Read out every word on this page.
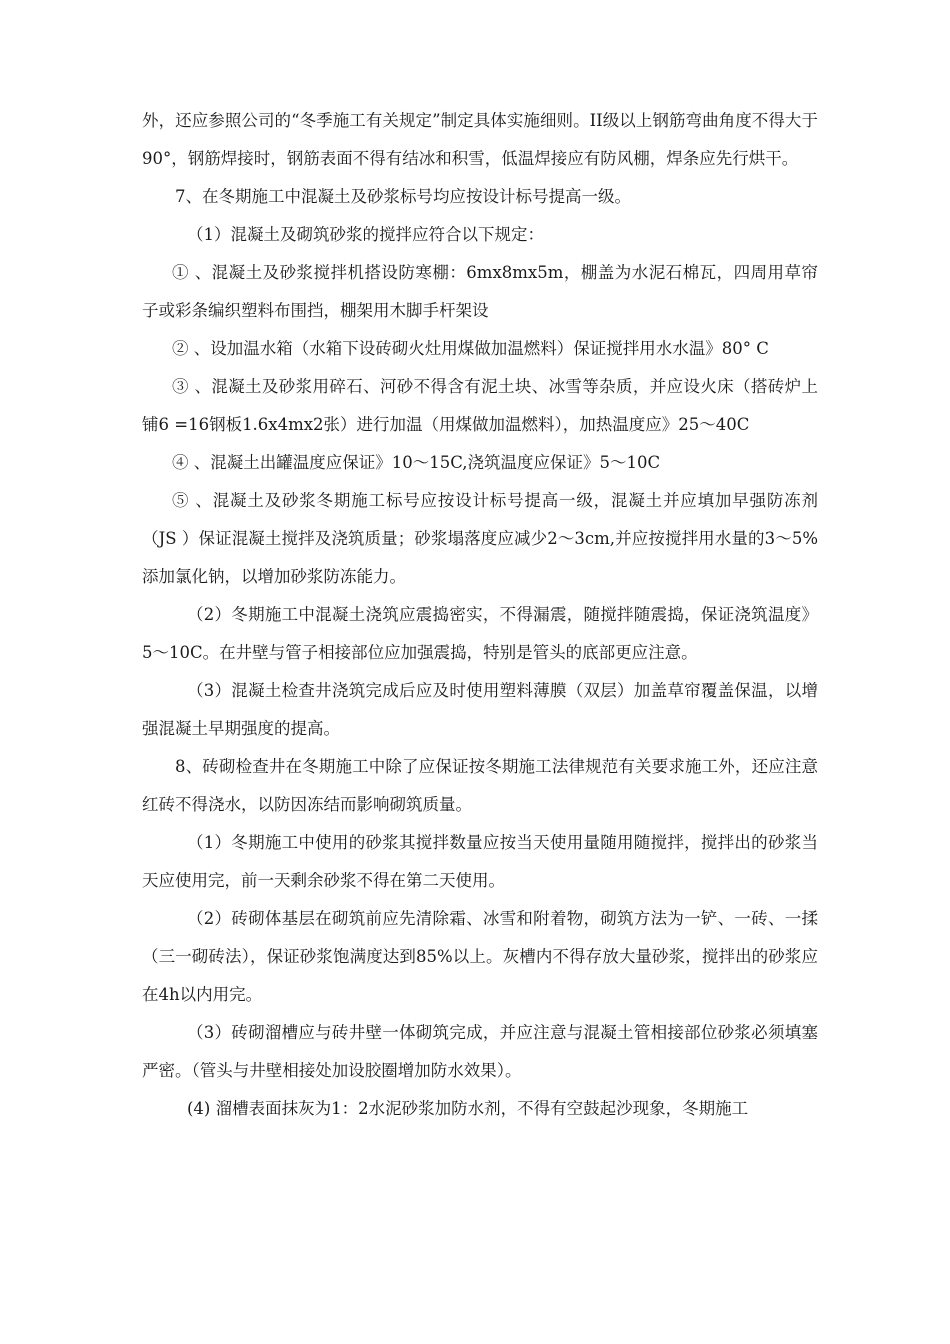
外，还应参照公司的“冬季施工有关规定”制定具体实施细则。II级以上钢筋弯曲角度不得大于90°，钢筋焊接时，钢筋表面不得有结冰和积雪，低温焊接应有防风棚，焊条应先行烘干。

7、在冬期施工中混凝土及砂浆标号均应按设计标号提高一级。

（1）混凝土及砌筑砂浆的搅拌应符合以下规定：

① 、混凝土及砂浆搅拌机搭设防寒棚：6mx8mx5m，棚盖为水泥石棉瓦，四周用草帘子或彩条编织塑料布围挡，棚架用木脚手杆架设

② 、设加温水箱（水箱下设砖砌火灶用煤做加温燃料）保证搅拌用水水温》80° C

③ 、混凝土及砂浆用碎石、河砂不得含有泥土块、冰雪等杂质，并应设火床（搭砖炉上铺6 =16钢板1.6x4mx2张）进行加温（用煤做加温燃料），加热温度应》25〜40C

④ 、混凝土出罐温度应保证》10〜15C,浇筑温度应保证》5〜10C

⑤ 、混凝土及砂浆冬期施工标号应按设计标号提高一级，混凝土并应填加早强防冻剂（JS ）保证混凝土搅拌及浇筑质量；砂浆塌落度应减少2〜3cm,并应按搅拌用水量的3〜5%添加氯化钠，以增加砂浆防冻能力。

（2）冬期施工中混凝土浇筑应震捣密实，不得漏震，随搅拌随震捣，保证浇筑温度》5〜10C。在井壁与管子相接部位应加强震捣，特别是管头的底部更应注意。

（3）混凝土检查井浇筑完成后应及时使用塑料薄膜（双层）加盖草帘覆盖保温，以增强混凝土早期强度的提高。

8、砖砌检查井在冬期施工中除了应保证按冬期施工法律规范有关要求施工外，还应注意红砖不得浇水，以防因冻结而影响砌筑质量。

（1）冬期施工中使用的砂浆其搅拌数量应按当天使用量随用随搅拌，搅拌出的砂浆当天应使用完，前一天剩余砂浆不得在第二天使用。

（2）砖砌体基层在砌筑前应先清除霜、冰雪和附着物，砌筑方法为一铲、一砖、一揉（三一砌砖法），保证砂浆饱满度达到85%以上。灰槽内不得存放大量砂浆，搅拌出的砂浆应在4h以内用完。

（3）砖砌溜槽应与砖井壁一体砌筑完成，并应注意与混凝土管相接部位砂浆必须填塞严密。（管头与井壁相接处加设胶圈增加防水效果）。

(4) 溜槽表面抹灰为1：2水泥砂浆加防水剂，不得有空鼓起沙现象，冬期施工
